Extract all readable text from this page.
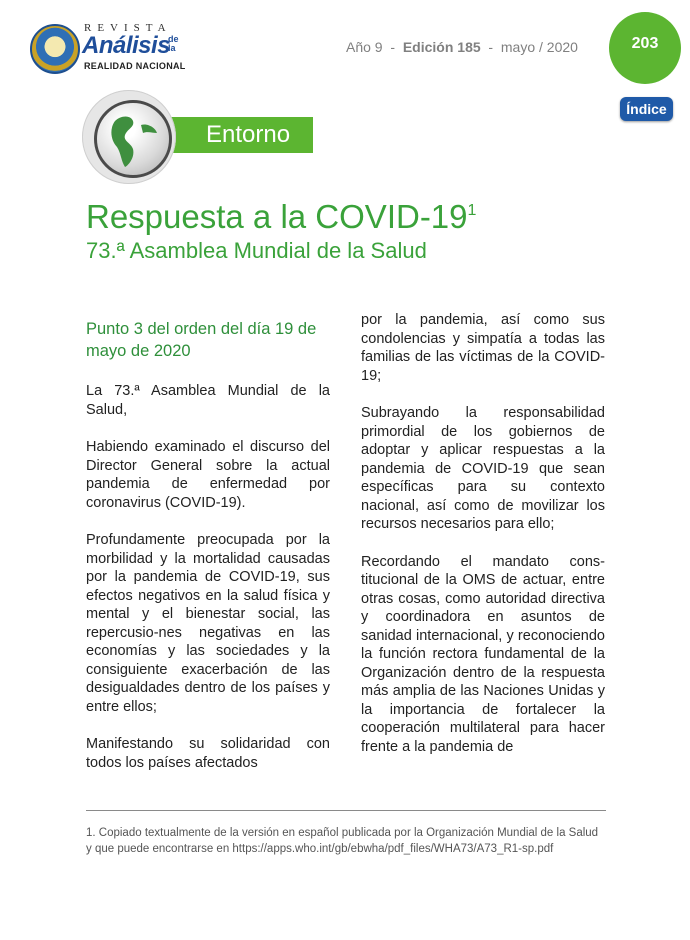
REVISTA
Análisis
de la
REALIDAD NACIONAL
Año 9 - Edición 185 - mayo / 2020	203
Índice
Entorno
Respuesta a la COVID-$19^1$
73.ª Asamblea Mundial de la Salud
Punto 3 del orden del día 19 de mayo de 2020

La 73.ª Asamblea Mundial de la Salud,

Habiendo examinado el discurso del Director General sobre la actual pandemia de enfermedad por coronavirus (COVID-19).

Profundamente preocupada por la morbilidad y la mortalidad causadas por la pandemia de COVID-19, sus efectos negativos en la salud física y mental y el bienestar social, las repercusio-nes negativas en las economías y las sociedades y la consiguiente exacerbación de las desigualdades dentro de los países y entre ellos;

Manifestando su solidaridad con todos los países afectados

por la pandemia, así como sus condolencias y simpatía a todas las familias de las víctimas de la COVID-19;

Subrayando la responsabilidad primordial de los gobiernos de adoptar y aplicar respuestas a la pandemia de COVID-19 que sean específicas para su contexto nacional, así como de movilizar los recursos necesarios para ello;

Recordando el mandato cons-titucional de la OMS de actuar, entre otras cosas, como autoridad directiva y coordinadora en asuntos de sanidad internacional, y reconociendo la función rectora fundamental de la Organización dentro de la respuesta más amplia de las Naciones Unidas y la importancia de fortalecer la cooperación multilateral para hacer frente a la pandemia de

1. Copiado textualmente de la versión en español publicada por la Organización Mundial de la Salud y que puede encontrarse en https://apps.who.int/gb/ebwha/pdf_files/WHA73/A73_R1-sp.pdf
